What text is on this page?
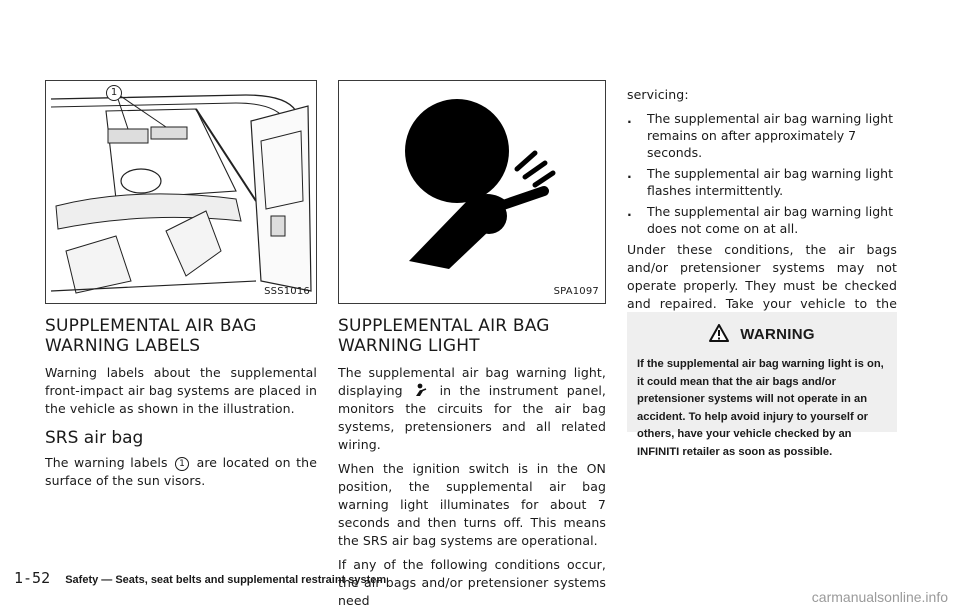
1
SSS1016	SPA1097
SUPPLEMENTAL AIR BAG WARNING LABELS

Warning labels about the supplemental front-impact air bag systems are placed in the vehicle as shown in the illustration.

SRS air bag

The warning labels 1 are located on the surface of the sun visors.

SUPPLEMENTAL AIR BAG WARNING LIGHT

The supplemental air bag warning light, displaying	in the instrument panel, monitors the circuits for the air bag systems, pretensioners and all related wiring.

When the ignition switch is in the ON position, the supplemental air bag warning light illuminates for about 7 seconds and then turns off. This means the SRS air bag systems are operational.

If any of the following conditions occur, the air bags and/or pretensioner systems need

servicing:

. The supplemental air bag warning light remains on after approximately 7 seconds.
. The supplemental air bag warning light flashes intermittently.
. The supplemental air bag warning light does not come on at all.

Under these conditions, the air bags and/or pretensioner systems may not operate properly. They must be checked and repaired. Take your vehicle to the

WARNING
If the supplemental air bag warning light is on, it could mean that the air bags and/or pretensioner systems will not operate in an accident. To help avoid injury to yourself or others, have your vehicle checked by an INFINITI retailer as soon as possible.
1-52 Safety — Seats, seat belts and supplemental restraint system
carmanualsonline.info
